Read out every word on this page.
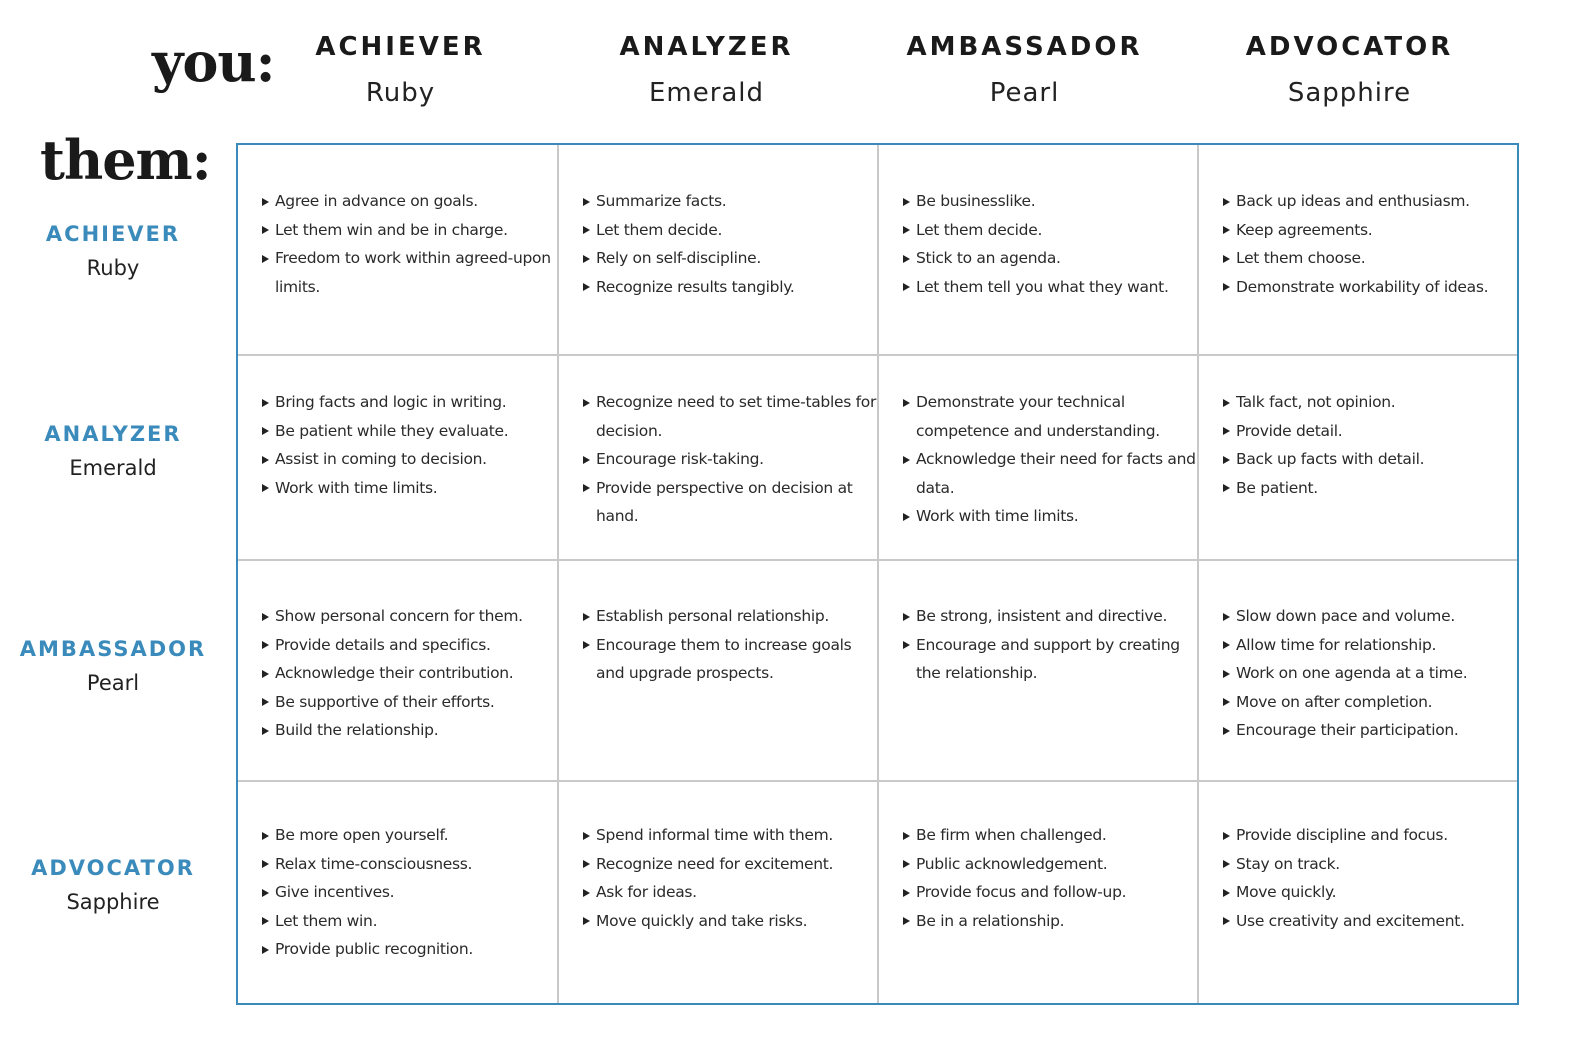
you:
them:
ACHIEVER
Ruby
ANALYZER
Emerald
AMBASSADOR
Pearl
ADVOCATOR
Sapphire
ACHIEVER
Ruby
ANALYZER
Emerald
AMBASSADOR
Pearl
ADVOCATOR
Sapphire
Agree in advance on goals.
Let them win and be in charge.
Freedom to work within agreed-upon limits.
Summarize facts.
Let them decide.
Rely on self-discipline.
Recognize results tangibly.
Be businesslike.
Let them decide.
Stick to an agenda.
Let them tell you what they want.
Back up ideas and enthusiasm.
Keep agreements.
Let them choose.
Demonstrate workability of ideas.
Bring facts and logic in writing.
Be patient while they evaluate.
Assist in coming to decision.
Work with time limits.
Recognize need to set time-tables for decision.
Encourage risk-taking.
Provide perspective on decision at hand.
Demonstrate your technical competence and understanding.
Acknowledge their need for facts and data.
Work with time limits.
Talk fact, not opinion.
Provide detail.
Back up facts with detail.
Be patient.
Show personal concern for them.
Provide details and specifics.
Acknowledge their contribution.
Be supportive of their efforts.
Build the relationship.
Establish personal relationship.
Encourage them to increase goals and upgrade prospects.
Be strong, insistent and directive.
Encourage and support by creating the relationship.
Slow down pace and volume.
Allow time for relationship.
Work on one agenda at a time.
Move on after completion.
Encourage their participation.
Be more open yourself.
Relax time-consciousness.
Give incentives.
Let them win.
Provide public recognition.
Spend informal time with them.
Recognize need for excitement.
Ask for ideas.
Move quickly and take risks.
Be firm when challenged.
Public acknowledgement.
Provide focus and follow-up.
Be in a relationship.
Provide discipline and focus.
Stay on track.
Move quickly.
Use creativity and excitement.
